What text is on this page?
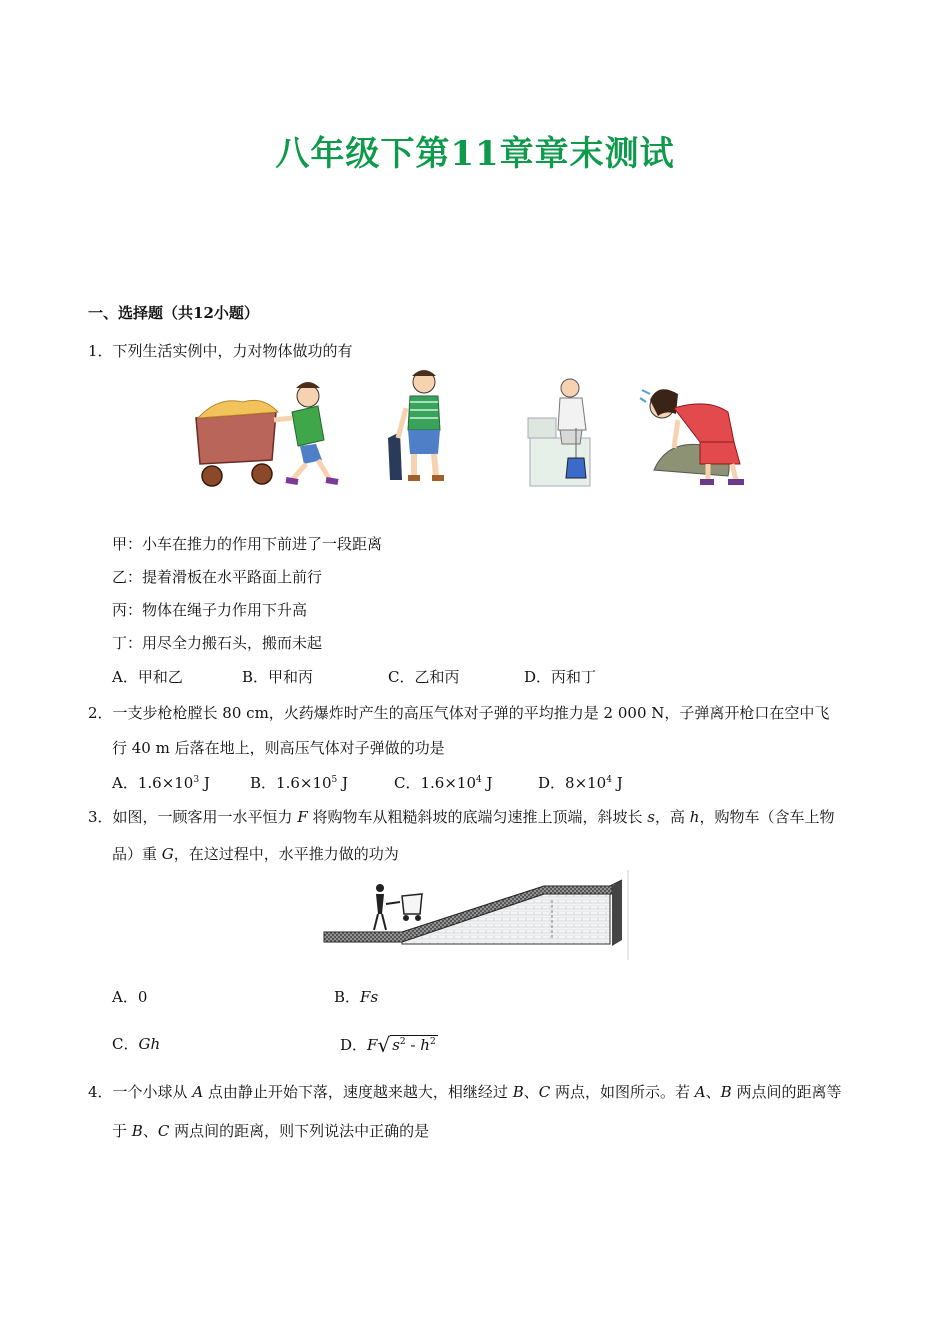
八年级下第11章章末测试
一、选择题（共12小题）
1．下列生活实例中，力对物体做功的有
甲：小车在推力的作用下前进了一段距离
乙：提着滑板在水平路面上前行
丙：物体在绳子力作用下升高
丁：用尽全力搬石头，搬而未起
A．甲和乙	B．甲和丙	C．乙和丙	D．丙和丁
2．一支步枪枪膛长 80 cm，火药爆炸时产生的高压气体对子弹的平均推力是 2 000 N，子弹离开枪口在空中飞
行 40 m 后落在地上，则高压气体对子弹做的功是
A．$1.6\times 10^3$ J	B．$1.6\times 10^5$ J	C．$1.6\times 10^4$ J	D．$8\times 10^4$ J
3．如图，一顾客用一水平恒力 F 将购物车从粗糙斜坡的底端匀速推上顶端，斜坡长 s，高 h，购物车（含车上物
品）重 G，在这过程中，水平推力做的功为
A．0	B．Fs
C．Gh	D．F√ $s^2 - h^2$
4．一个小球从 A 点由静止开始下落，速度越来越大，相继经过 B、C 两点，如图所示。若 A、B 两点间的距离等
于 B、C 两点间的距离，则下列说法中正确的是
